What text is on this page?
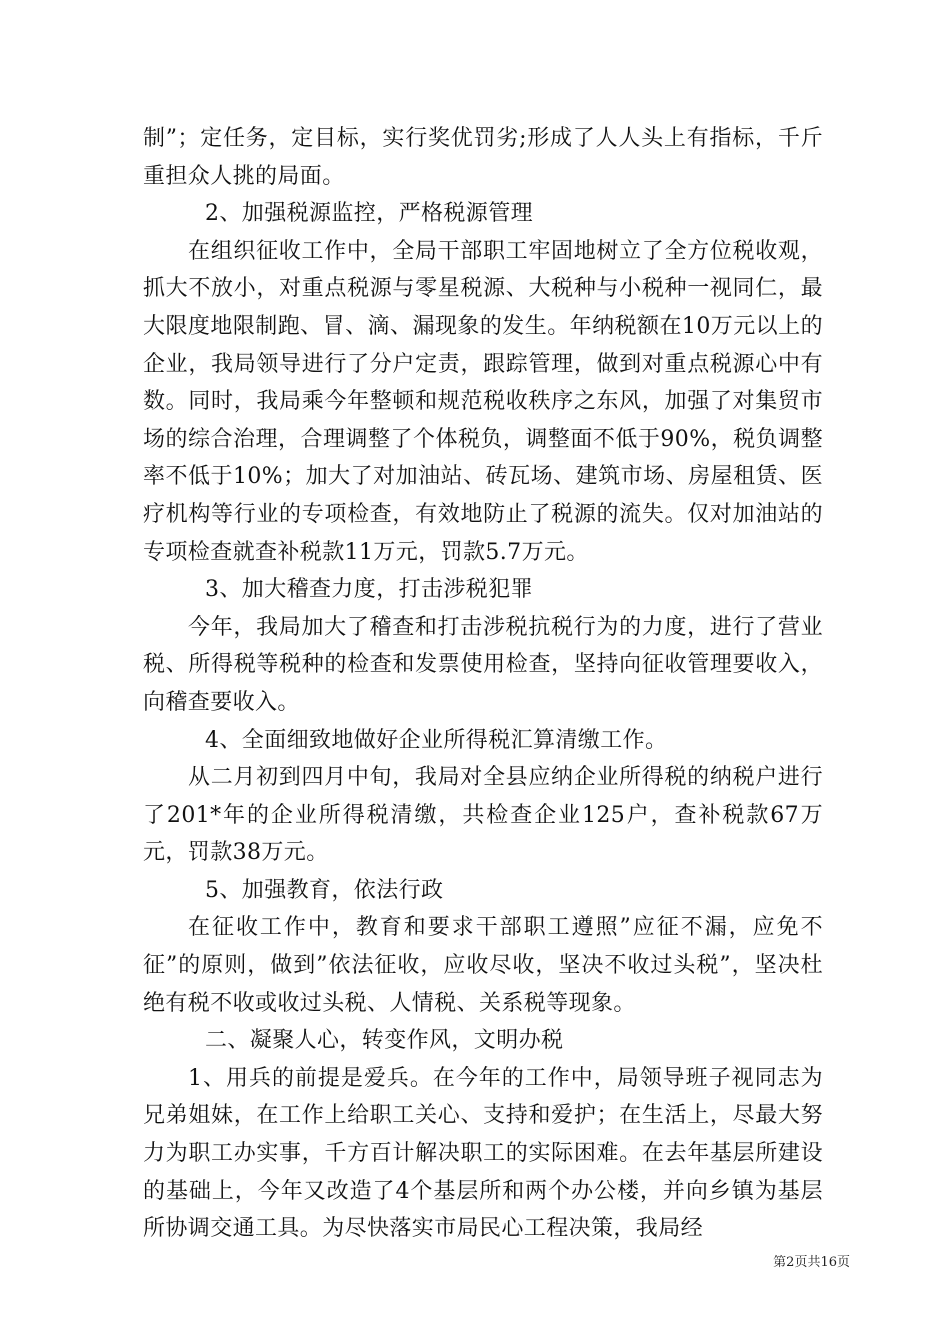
制”；定任务，定目标，实行奖优罚劣;形成了人人头上有指标，千斤重担众人挑的局面。

2、加强税源监控，严格税源管理

在组织征收工作中，全局干部职工牢固地树立了全方位税收观，抓大不放小，对重点税源与零星税源、大税种与小税种一视同仁，最大限度地限制跑、冒、滴、漏现象的发生。年纳税额在10万元以上的企业，我局领导进行了分户定责，跟踪管理，做到对重点税源心中有数。同时，我局乘今年整顿和规范税收秩序之东风，加强了对集贸市场的综合治理，合理调整了个体税负，调整面不低于90%，税负调整率不低于10%；加大了对加油站、砖瓦场、建筑市场、房屋租赁、医疗机构等行业的专项检查，有效地防止了税源的流失。仅对加油站的专项检查就查补税款11万元，罚款5.7万元。

3、加大稽查力度，打击涉税犯罪

今年，我局加大了稽查和打击涉税抗税行为的力度，进行了营业税、所得税等税种的检查和发票使用检查，坚持向征收管理要收入，向稽查要收入。

4、全面细致地做好企业所得税汇算清缴工作。

从二月初到四月中旬，我局对全县应纳企业所得税的纳税户进行了201*年的企业所得税清缴，共检查企业125户，查补税款67万元，罚款38万元。

5、加强教育，依法行政

在征收工作中，教育和要求干部职工遵照”应征不漏，应免不征”的原则，做到”依法征收，应收尽收，坚决不收过头税”，坚决杜绝有税不收或收过头税、人情税、关系税等现象。

二、凝聚人心，转变作风，文明办税

1、用兵的前提是爱兵。在今年的工作中，局领导班子视同志为兄弟姐妹，在工作上给职工关心、支持和爱护；在生活上，尽最大努力为职工办实事，千方百计解决职工的实际困难。在去年基层所建设的基础上，今年又改造了4个基层所和两个办公楼，并向乡镇为基层所协调交通工具。为尽快落实市局民心工程决策，我局经

第2页共16页
